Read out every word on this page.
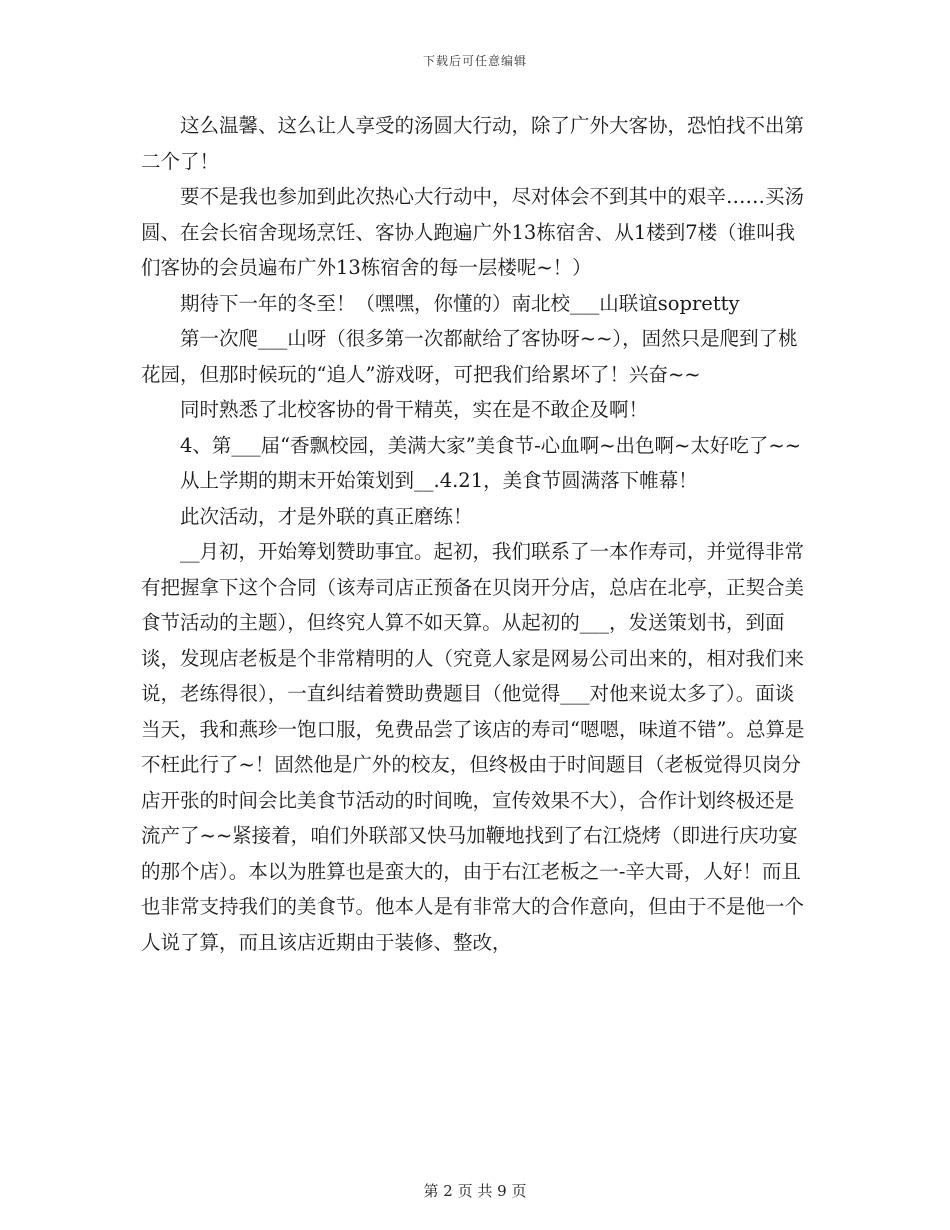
下载后可任意编辑

这么温馨、这么让人享受的汤圆大行动，除了广外大客协，恐怕找不出第二个了！

要不是我也参加到此次热心大行动中，尽对体会不到其中的艰辛……买汤圆、在会长宿舍现场烹饪、客协人跑遍广外13栋宿舍、从1楼到7楼（谁叫我们客协的会员遍布广外13栋宿舍的每一层楼呢~！）

期待下一年的冬至！（嘿嘿，你懂的）南北校___山联谊sopretty

第一次爬___山呀（很多第一次都献给了客协呀~~），固然只是爬到了桃花园，但那时候玩的“追人”游戏呀，可把我们给累坏了！兴奋~~

同时熟悉了北校客协的骨干精英，实在是不敢企及啊！

4、第___届“香飘校园，美满大家”美食节-心血啊~出色啊~太好吃了~~

从上学期的期末开始策划到__.4.21，美食节圆满落下帷幕！

此次活动，才是外联的真正磨练！

__月初，开始筹划赞助事宜。起初，我们联系了一本作寿司，并觉得非常有把握拿下这个合同（该寿司店正预备在贝岗开分店，总店在北亭，正契合美食节活动的主题），但终究人算不如天算。从起初的___，发送策划书，到面谈，发现店老板是个非常精明的人（究竟人家是网易公司出来的，相对我们来说，老练得很），一直纠结着赞助费题目（他觉得___对他来说太多了）。面谈当天，我和燕珍一饱口服，免费品尝了该店的寿司“嗯嗯，味道不错”。总算是不枉此行了~！固然他是广外的校友，但终极由于时间题目（老板觉得贝岗分店开张的时间会比美食节活动的时间晚，宣传效果不大），合作计划终极还是流产了~~紧接着，咱们外联部又快马加鞭地找到了右江烧烤（即进行庆功宴的那个店）。本以为胜算也是蛮大的，由于右江老板之一-辛大哥，人好！而且也非常支持我们的美食节。他本人是有非常大的合作意向，但由于不是他一个人说了算，而且该店近期由于装修、整改，

第 2 页 共 9 页
